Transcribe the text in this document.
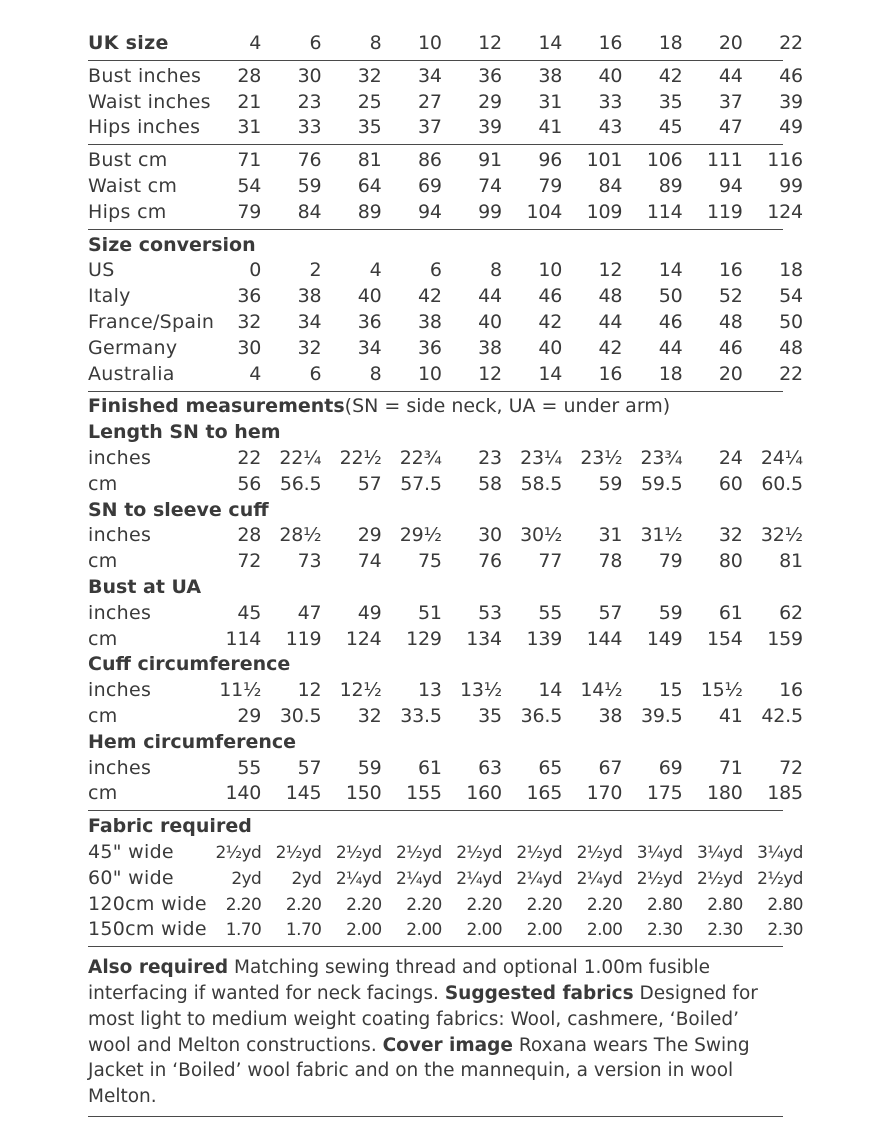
UK size	4	6	8	10	12	14	16	18	20	22
Bust inches	28	30	32	34	36	38	40	42	44	46
Waist inches	21	23	25	27	29	31	33	35	37	39
Hips inches	31	33	35	37	39	41	43	45	47	49
Bust cm	71	76	81	86	91	96	101	106	111	116
Waist cm	54	59	64	69	74	79	84	89	94	99
Hips cm	79	84	89	94	99	104	109	114	119	124
Size conversion
US	0	2	4	6	8	10	12	14	16	18
Italy	36	38	40	42	44	46	48	50	52	54
France/Spain	32	34	36	38	40	42	44	46	48	50
Germany	30	32	34	36	38	40	42	44	46	48
Australia	4	6	8	10	12	14	16	18	20	22
Finished measurements (SN = side neck, UA = under arm)
Length SN to hem
inches	22 22¼ 22½ 22¾	23 23¼ 23½ 23¾	24 24¼
cm	56 56.5	57 57.5	58 58.5	59 59.5	60 60.5
SN to sleeve cuff
inches	28 28½	29 29½	30 30½	31 31½	32 32½
cm	72	73	74	75	76	77	78	79	80	81
Bust at UA
inches	45	47	49	51	53	55	57	59	61	62
cm	114	119	124	129	134	139	144	149	154	159
Cuff circumference
inches	11½	12 12½	13 13½	14 14½	15 15½	16
cm	29 30.5	32 33.5	35 36.5	38 39.5	41 42.5
Hem circumference
inches	55	57	59	61	63	65	67	69	71	72
cm	140	145	150	155	160	165	170	175	180	185
Fabric required
45" wide	2½yd 2½yd 2½yd 2½yd 2½yd 2½yd 2½yd 3¼yd 3¼yd 3¼yd
60" wide	2yd	2yd 2¼yd 2¼yd 2¼yd 2¼yd 2¼yd 2½yd 2½yd 2½yd
120cm wide	2.20	2.20	2.20	2.20	2.20	2.20	2.20	2.80	2.80	2.80
150cm wide	1.70	1.70	2.00	2.00	2.00	2.00	2.00	2.30	2.30	2.30
Also required Matching sewing thread and optional 1.00m fusible interfacing if wanted for neck facings. Suggested fabrics Designed for most light to medium weight coating fabrics: Wool, cashmere, ‘Boiled’ wool and Melton constructions. Cover image Roxana wears The Swing Jacket in ‘Boiled’ wool fabric and on the mannequin, a version in wool Melton.
